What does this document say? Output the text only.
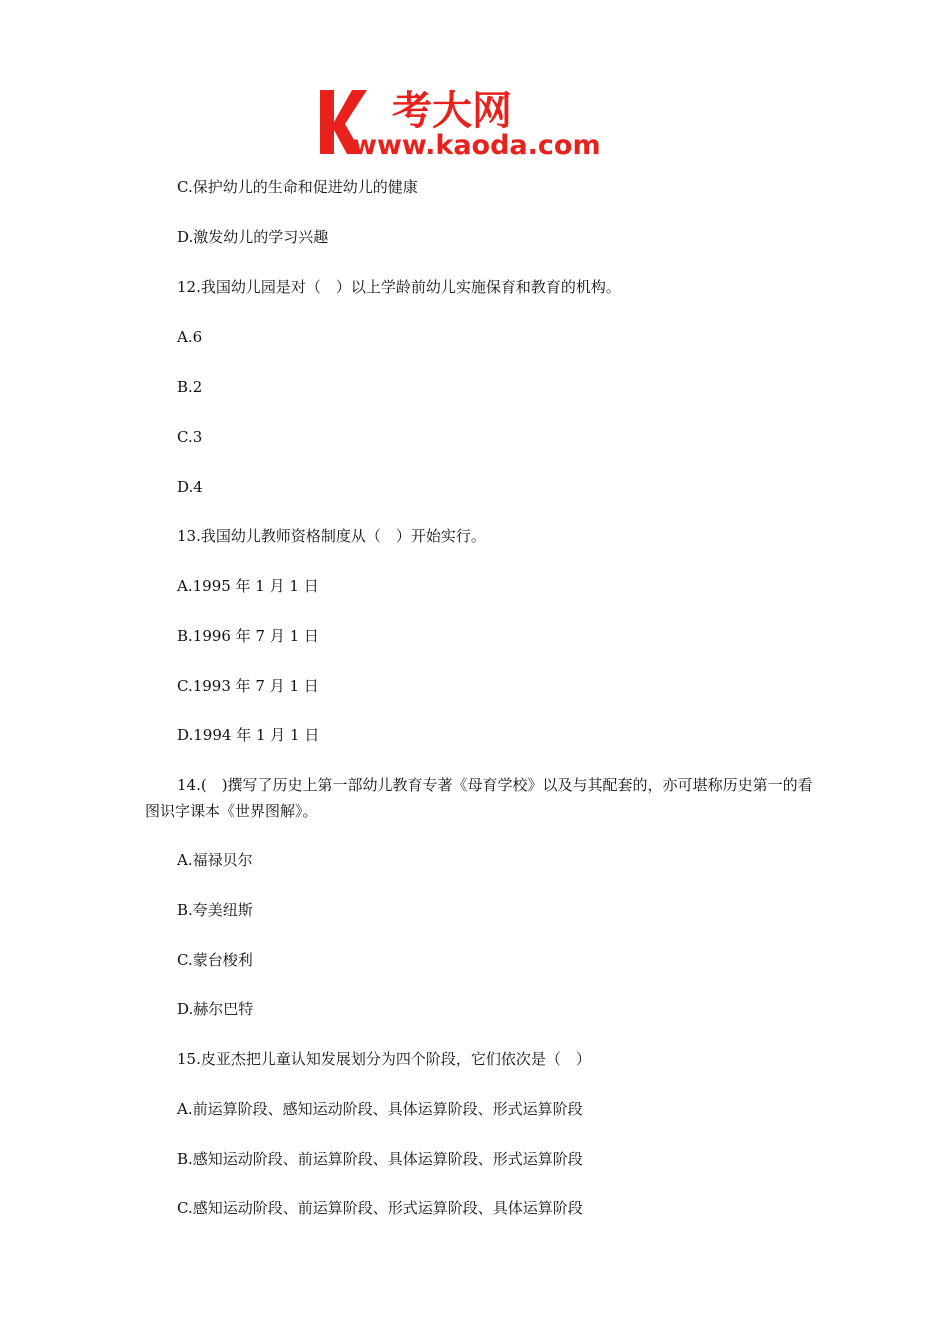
考大网
www.kaoda.com
C.保护幼儿的生命和促进幼儿的健康
D.激发幼儿的学习兴趣
12.我国幼儿园是对（　）以上学龄前幼儿实施保育和教育的机构。
A.6
B.2
C.3
D.4
13.我国幼儿教师资格制度从（　）开始实行。
A.1995 年 1 月 1 日
B.1996 年 7 月 1 日
C.1993 年 7 月 1 日
D.1994 年 1 月 1 日
14.(　)撰写了历史上第一部幼儿教育专著《母育学校》以及与其配套的，亦可堪称历史第一的看图识字课本《世界图解》。
A.福禄贝尔
B.夸美纽斯
C.蒙台梭利
D.赫尔巴特
15.皮亚杰把儿童认知发展划分为四个阶段，它们依次是（　）
A.前运算阶段、感知运动阶段、具体运算阶段、形式运算阶段
B.感知运动阶段、前运算阶段、具体运算阶段、形式运算阶段
C.感知运动阶段、前运算阶段、形式运算阶段、具体运算阶段
